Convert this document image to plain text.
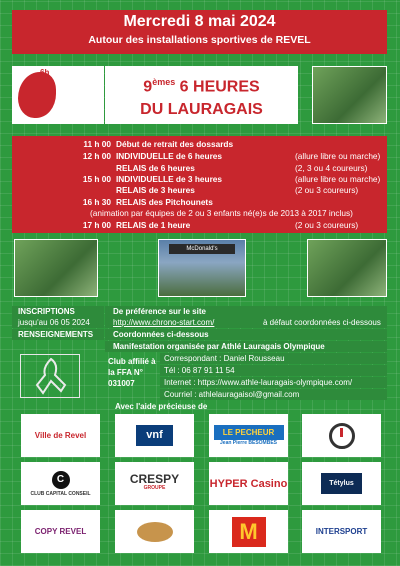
Mercredi 8 mai 2024
Autour des installations sportives de REVEL
6h
9èmes 6 HEURES
DU LAURAGAIS
11 h 00 Début de retrait des dossards
12 h 00 INDIVIDUELLE de 6 heures	(allure libre ou marche)
RELAIS de 6 heures	(2, 3 ou 4 coureurs)
15 h 00 INDIVIDUELLE de 3 heures	(allure libre ou marche)
RELAIS de 3 heures	(2 ou 3 coureurs)
16 h 30 RELAIS des Pitchounets
(animation par équipes de 2 ou 3 enfants né(e)s de 2013 à 2017 inclus)
17 h 00 RELAIS de 1 heure	(2 ou 3 coureurs)
McDonald's
INSCRIPTIONS
jusqu'au 06 05 2024
De préférence sur le site
http://www.chrono-start.com/	à défaut coordonnées ci-dessous
RENSEIGNEMENTS	Coordonnées ci-dessous
Manifestation organisée par Athlé Lauragais Olympique
Club affilié à la FFA N° 031007
Correspondant : Daniel Rousseau
Tél : 06 87 91 11 54
Internet : https://www.athle-lauragais-olympique.com/
Courriel : athlelauragaisol@gmail.com
Avec l'aide précieuse de
Ville de Revel	vnf	LE PECHEUR
Jean Pierre BESOMBES
C
CLUB CAPITAL CONSEIL
CRESPY
GROUPE	HYPER Casino	Tétylus
COPY REVEL	M	INTERSPORT
